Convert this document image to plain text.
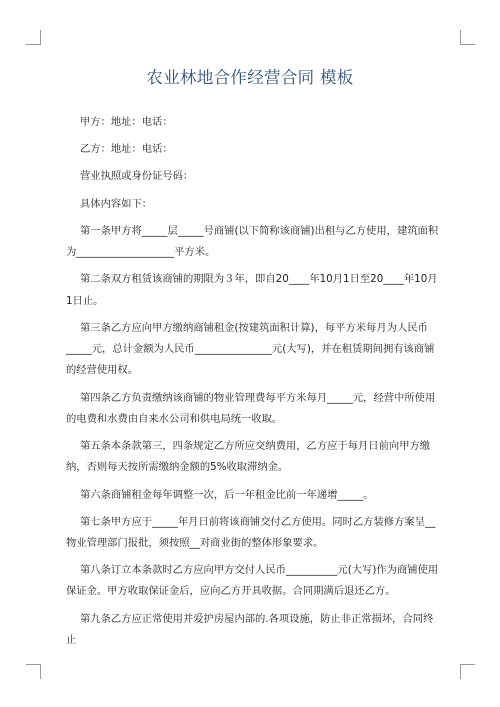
农业林地合作经营合同 模板

甲方：地址：电话：

乙方：地址：电话：

营业执照或身份证号码：

具体内容如下：

第一条甲方将_____层_____号商铺(以下简称该商铺)出租与乙方使用，建筑面积为___________________平方米。

第二条双方租赁该商铺的期限为３年，即自20____年10月1日至20____年10月1日止。

第三条乙方应向甲方缴纳商铺租金(按建筑面积计算)，每平方米每月为人民币_____元，总计金额为人民币_______________元(大写)，并在租赁期间拥有该商铺的经营使用权。

第四条乙方负责缴纳该商铺的物业管理费每平方米每月_____元，经营中所使用的电费和水费由自来水公司和供电局统一收取。

第五条本条款第三，四条规定乙方所应交纳费用，乙方应于每月日前向甲方缴纳，否则每天按所需缴纳金额的5%收取滞纳金。

第六条商铺租金每年调整一次，后一年租金比前一年递增_____。

第七条甲方应于_____年月日前将该商铺交付乙方使用。同时乙方装修方案呈__物业管理部门报批，须按照__对商业街的整体形象要求。

第八条订立本条款时乙方应向甲方交付人民币__________元(大写)作为商铺使用保证金。甲方收取保证金后，应向乙方开具收据。合同期满后退还乙方。

第九条乙方应正常使用并爱护房屋内部的.各项设施，防止非正常损坏，合同终止
